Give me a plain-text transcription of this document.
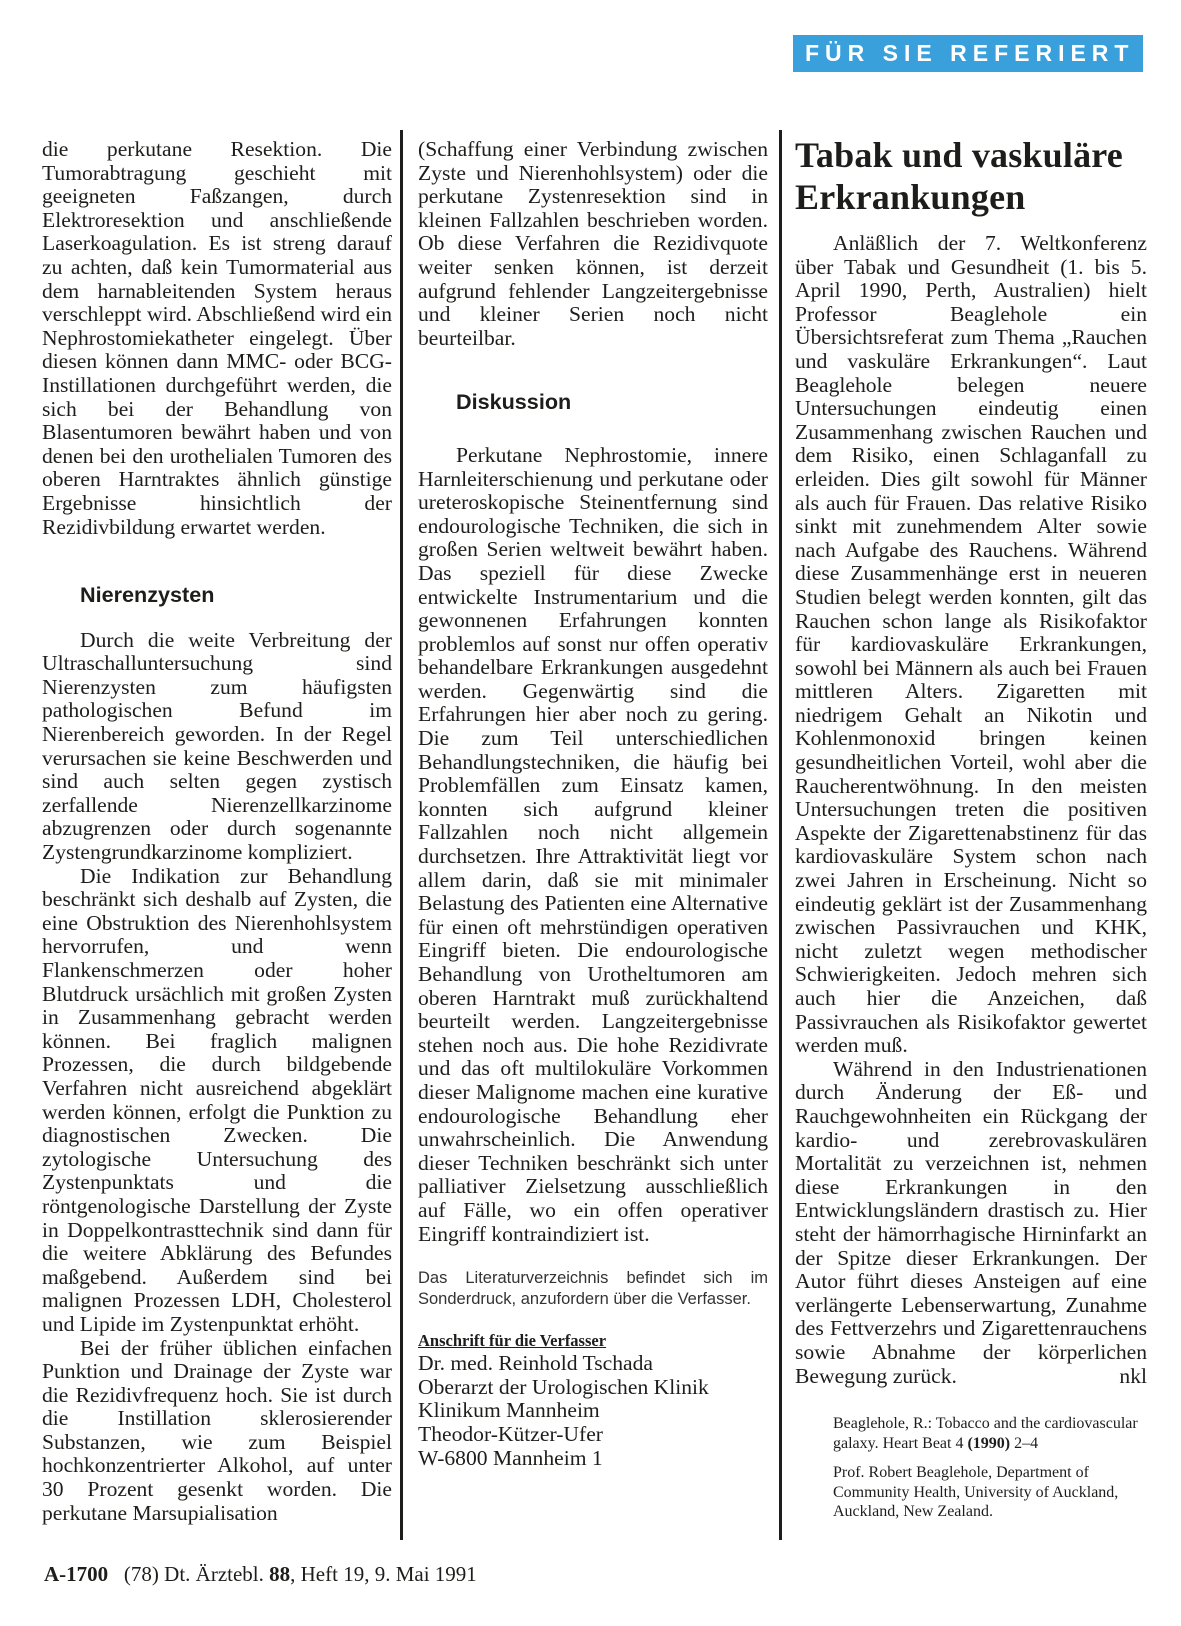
FÜR SIE REFERIERT

die perkutane Resektion. Die Tumorabtragung geschieht mit geeigneten Faßzangen, durch Elektroresektion und anschließende Laserkoagulation. Es ist streng darauf zu achten, daß kein Tumormaterial aus dem harnableitenden System heraus verschleppt wird. Abschließend wird ein Nephrostomiekatheter eingelegt. Über diesen können dann MMC- oder BCG-Instillationen durchgeführt werden, die sich bei der Behandlung von Blasentumoren bewährt haben und von denen bei den urothelialen Tumoren des oberen Harntraktes ähnlich günstige Ergebnisse hinsichtlich der Rezidivbildung erwartet werden.

Nierenzysten

Durch die weite Verbreitung der Ultraschalluntersuchung sind Nierenzysten zum häufigsten pathologischen Befund im Nierenbereich geworden. In der Regel verursachen sie keine Beschwerden und sind auch selten gegen zystisch zerfallende Nierenzellkarzinome abzugrenzen oder durch sogenannte Zystengrundkarzinome kompliziert.

Die Indikation zur Behandlung beschränkt sich deshalb auf Zysten, die eine Obstruktion des Nierenhohlsystem hervorrufen, und wenn Flankenschmerzen oder hoher Blutdruck ursächlich mit großen Zysten in Zusammenhang gebracht werden können. Bei fraglich malignen Prozessen, die durch bildgebende Verfahren nicht ausreichend abgeklärt werden können, erfolgt die Punktion zu diagnostischen Zwecken. Die zytologische Untersuchung des Zystenpunktats und die röntgenologische Darstellung der Zyste in Doppelkontrasttechnik sind dann für die weitere Abklärung des Befundes maßgebend. Außerdem sind bei malignen Prozessen LDH, Cholesterol und Lipide im Zystenpunktat erhöht.

Bei der früher üblichen einfachen Punktion und Drainage der Zyste war die Rezidivfrequenz hoch. Sie ist durch die Instillation sklerosierender Substanzen, wie zum Beispiel hochkonzentrierter Alkohol, auf unter 30 Prozent gesenkt worden. Die perkutane Marsupialisation

(Schaffung einer Verbindung zwischen Zyste und Nierenhohlsystem) oder die perkutane Zystenresektion sind in kleinen Fallzahlen beschrieben worden. Ob diese Verfahren die Rezidivquote weiter senken können, ist derzeit aufgrund fehlender Langzeitergebnisse und kleiner Serien noch nicht beurteilbar.

Diskussion

Perkutane Nephrostomie, innere Harnleiterschienung und perkutane oder ureteroskopische Steinentfernung sind endourologische Techniken, die sich in großen Serien weltweit bewährt haben. Das speziell für diese Zwecke entwickelte Instrumentarium und die gewonnenen Erfahrungen konnten problemlos auf sonst nur offen operativ behandelbare Erkrankungen ausgedehnt werden. Gegenwärtig sind die Erfahrungen hier aber noch zu gering. Die zum Teil unterschiedlichen Behandlungstechniken, die häufig bei Problemfällen zum Einsatz kamen, konnten sich aufgrund kleiner Fallzahlen noch nicht allgemein durchsetzen. Ihre Attraktivität liegt vor allem darin, daß sie mit minimaler Belastung des Patienten eine Alternative für einen oft mehrstündigen operativen Eingriff bieten. Die endourologische Behandlung von Urotheltumoren am oberen Harntrakt muß zurückhaltend beurteilt werden. Langzeitergebnisse stehen noch aus. Die hohe Rezidivrate und das oft multilokuläre Vorkommen dieser Malignome machen eine kurative endourologische Behandlung eher unwahrscheinlich. Die Anwendung dieser Techniken beschränkt sich unter palliativer Zielsetzung ausschließlich auf Fälle, wo ein offen operativer Eingriff kontraindiziert ist.

Das Literaturverzeichnis befindet sich im Sonderdruck, anzufordern über die Verfasser.

Anschrift für die Verfasser
Dr. med. Reinhold Tschada
Oberarzt der Urologischen Klinik
Klinikum Mannheim
Theodor-Kützer-Ufer
W-6800 Mannheim 1
Tabak und vaskuläre Erkrankungen

Anläßlich der 7. Weltkonferenz über Tabak und Gesundheit (1. bis 5. April 1990, Perth, Australien) hielt Professor Beaglehole ein Übersichtsreferat zum Thema „Rauchen und vaskuläre Erkrankungen“. Laut Beaglehole belegen neuere Untersuchungen eindeutig einen Zusammenhang zwischen Rauchen und dem Risiko, einen Schlaganfall zu erleiden. Dies gilt sowohl für Männer als auch für Frauen. Das relative Risiko sinkt mit zunehmendem Alter sowie nach Aufgabe des Rauchens. Während diese Zusammenhänge erst in neueren Studien belegt werden konnten, gilt das Rauchen schon lange als Risikofaktor für kardiovaskuläre Erkrankungen, sowohl bei Männern als auch bei Frauen mittleren Alters. Zigaretten mit niedrigem Gehalt an Nikotin und Kohlenmonoxid bringen keinen gesundheitlichen Vorteil, wohl aber die Raucherentwöhnung. In den meisten Untersuchungen treten die positiven Aspekte der Zigarettenabstinenz für das kardiovaskuläre System schon nach zwei Jahren in Erscheinung. Nicht so eindeutig geklärt ist der Zusammenhang zwischen Passivrauchen und KHK, nicht zuletzt wegen methodischer Schwierigkeiten. Jedoch mehren sich auch hier die Anzeichen, daß Passivrauchen als Risikofaktor gewertet werden muß.

Während in den Industrienationen durch Änderung der Eß- und Rauchgewohnheiten ein Rückgang der kardio- und zerebrovaskulären Mortalität zu verzeichnen ist, nehmen diese Erkrankungen in den Entwicklungsländern drastisch zu. Hier steht der hämorrhagische Hirninfarkt an der Spitze dieser Erkrankungen. Der Autor führt dieses Ansteigen auf eine verlängerte Lebenserwartung, Zunahme des Fettverzehrs und Zigarettenrauchens sowie Abnahme der körperlichen Bewegung zurück.	nkl

Beaglehole, R.: Tobacco and the cardiovascular galaxy. Heart Beat 4 (1990) 2–4

Prof. Robert Beaglehole, Department of Community Health, University of Auckland, Auckland, New Zealand.

A-1700 (78) Dt. Ärztebl. 88, Heft 19, 9. Mai 1991
